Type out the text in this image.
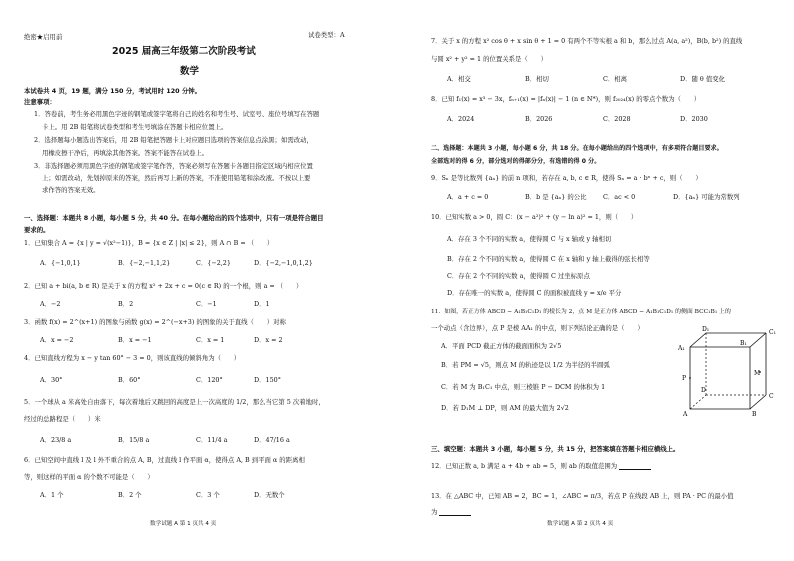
绝密★启用前	试卷类型：A
2025 届高三年级第二次阶段考试
数学
本试卷共 4 页，19 题，满分 150 分，考试用时 120 分钟。
注意事项：
1．答卷前，考生务必用黑色字迹的钢笔或签字笔将自己的姓名和考生号、试室号、座位号填写在答题
卡上。用 2B 铅笔将试卷类型和考生号填涂在答题卡相应位置上。
2．选择题每小题选出答案后，用 2B 铅笔把答题卡上对应题目选项的答案信息点涂黑；如需改动，
用橡皮擦干净后，再填涂其他答案。答案不能答在试卷上。
3．非选择题必须用黑色字迹的钢笔或签字笔作答，答案必须写在答题卡各题目指定区域内相应位置
上；如需改动，先划掉原来的答案，然后再写上新的答案，不准使用铅笔和涂改液。不按以上要
求作答的答案无效。
一、选择题：本题共 8 小题，每小题 5 分，共 40 分。在每小题给出的四个选项中，只有一项是符合题目
要求的。
1．已知集合 A = {x | y = √(x²−1)}，B = {x ∈ Z | |x| ≤ 2}，则 A ∩ B = （　　）
A．{−1,0,1}	B．{−2,−1,1,2}	C．{−2,2}	D．{−2,−1,0,1,2}
2．已知 a + bi(a, b ∈ R) 是关于 x 的方程 x² + 2x + c = 0(c ∈ R) 的一个根，则 a = （　　）
A．−2	B．2	C．−1	D．1
3．函数 f(x) = 2^(x+1) 的图象与函数 g(x) = 2^(−x+3) 的图象的关于直线（　　）对称
A．x = −2	B．x = −1	C．x = 1	D．x = 2
4．已知直线方程为 x − y tan 60° − 3 = 0，则该直线的倾斜角为（　　）
A．30°	B．60°	C．120°	D．150°
5．一个球从 a 米高处自由落下，每次着地后又跳回的高度是上一次高度的 1/2，那么当它第 5 次着地时，
经过的总路程是（　　）米
A．23/8 a	B．15/8 a	C．11/4 a	D．47/16 a
6．已知空间中直线 l 及 l 外不重合的点 A, B，过直线 l 作平面 α，使得点 A, B 到平面 α 的距离相
等，则这样的平面 α 的个数不可能是（　　）
A．1 个	B．2 个	C．3 个	D．无数个
数学试题 A 第 1 页共 4 页
7．关于 x 的方程 x² cos θ + x sin θ + 1 = 0 有两个不等实根 a 和 b，那么过点 A(a, a²)，B(b, b²) 的直线
与圆 x² + y² = 1 的位置关系是（　　）
A．相交	B．相切	C．相离	D．随 θ 值变化
8．已知 f₁(x) = x³ − 3x，fₙ₊₁(x) = |fₙ(x)| − 1 (n ∈ N*)，则 f₂₀₂₄(x) 的零点个数为（　　）
A．2024	B．2026	C．2028	D．2030
二、选择题：本题共 3 小题，每小题 6 分，共 18 分。在每小题给出的四个选项中，有多项符合题目要求。
全部选对的得 6 分，部分选对的得部分分，有选错的得 0 分。
9．Sₙ 是等比数列 {aₙ} 的前 n 项和，若存在 a, b, c ∈ R，使得 Sₙ = a · bⁿ + c，则（　　）
A．a + c = 0	B．b 是 {aₙ} 的公比	C．ac < 0	D．{aₙ} 可能为常数列
10．已知实数 a > 0，圆 C：(x − a²)² + (y − ln a)² = 1，则（　　）
A．存在 3 个不同的实数 a，使得圆 C 与 x 轴或 y 轴相切
B．存在 2 个不同的实数 a，使得圆 C 在 x 轴和 y 轴上截得的弦长相等
C．存在 2 个不同的实数 a，使得圆 C 过坐标原点
D．存在唯一的实数 a，使得圆 C 的面积被直线 y = x/e 平分
11．如图，若正方体 ABCD − A₁B₁C₁D₁ 的棱长为 2，点 M 是正方体 ABCD − A₁B₁C₁D₁ 的侧面 BCC₁B₁ 上的
一个动点（含边界），点 P 是棱 AA₁ 的中点，则下列结论正确的是（　　）
A．平面 PCD 截正方体的截面面积为 2√5
B．若 PM = √5，则点 M 的轨迹是以 1/2 为半径的半圆弧
C．若 M 为 B₁C₁ 中点，则三棱锥 P − DCM 的体积为 1
D．若 D₁M ⊥ DP，则 AM 的最大值为 2√2
D₁	C₁
A₁
B₁
P
M
D
C
A	B
三、填空题：本题共 3 小题，每小题 5 分，共 15 分，把答案填在答题卡相应横线上。
12．已知正数 a, b 满足 a + 4b + ab = 5，则 ab 的取值范围为
13．在 △ABC 中，已知 AB = 2，BC = 1，∠ABC = π/3，若点 P 在线段 AB 上，则 PA · PC 的最小值
为
数学试题 A 第 2 页共 4 页
